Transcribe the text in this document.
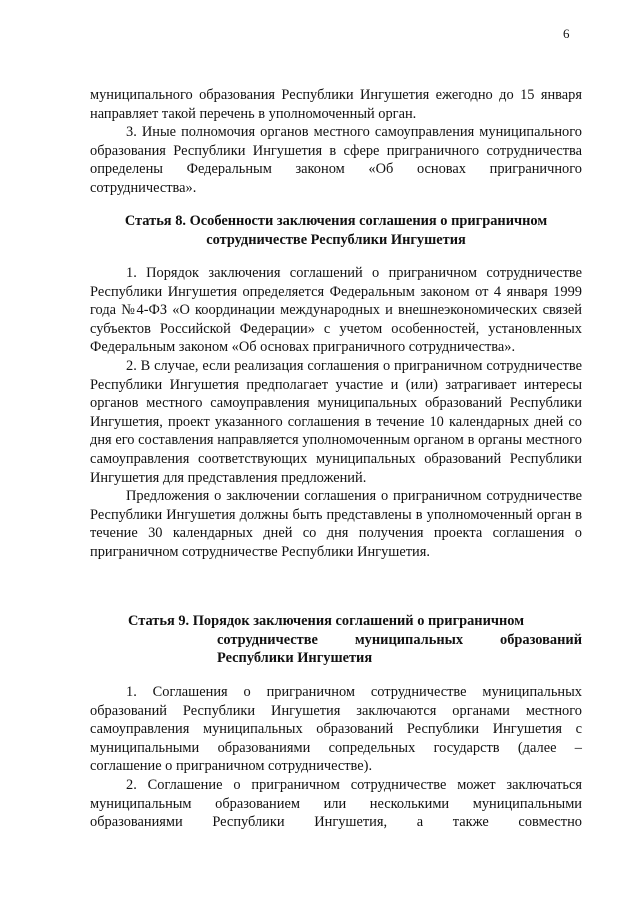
6
муниципального образования Республики Ингушетия ежегодно до 15 января направляет такой перечень в уполномоченный орган.
3. Иные полномочия органов местного самоуправления муниципального образования Республики Ингушетия в сфере приграничного сотрудничества определены Федеральным законом «Об основах приграничного сотрудничества».
Статья 8. Особенности заключения соглашения о приграничном сотрудничестве Республики Ингушетия
1. Порядок заключения соглашений о приграничном сотрудничестве Республики Ингушетия определяется Федеральным законом от 4 января 1999 года №4-ФЗ «О координации международных и внешнеэкономических связей субъектов Российской Федерации» с учетом особенностей, установленных Федеральным законом «Об основах приграничного сотрудничества».
2. В случае, если реализация соглашения о приграничном сотрудничестве Республики Ингушетия предполагает участие и (или) затрагивает интересы органов местного самоуправления муниципальных образований Республики Ингушетия, проект указанного соглашения в течение 10 календарных дней со дня его составления направляется уполномоченным органом в органы местного самоуправления соответствующих муниципальных образований Республики Ингушетия для представления предложений.
Предложения о заключении соглашения о приграничном сотрудничестве Республики Ингушетия должны быть представлены в уполномоченный орган в течение 30 календарных дней со дня получения проекта соглашения о приграничном сотрудничестве Республики Ингушетия.
Статья 9. Порядок заключения соглашений о приграничном
сотрудничестве муниципальных образований
Республики Ингушетия
1. Соглашения о приграничном сотрудничестве муниципальных образований Республики Ингушетия заключаются органами местного самоуправления муниципальных образований Республики Ингушетия с муниципальными образованиями сопредельных государств (далее – соглашение о приграничном сотрудничестве).
2. Соглашение о приграничном сотрудничестве может заключаться муниципальным образованием или несколькими муниципальными образованиями Республики Ингушетия, а также совместно
